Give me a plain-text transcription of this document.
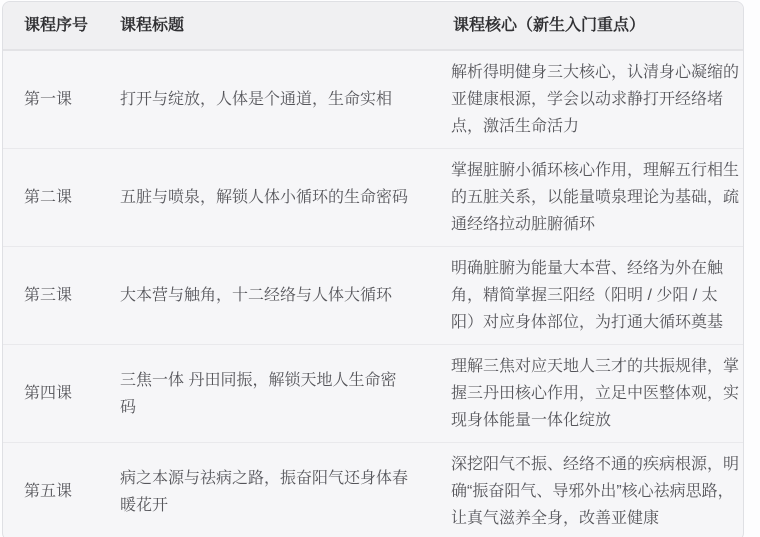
课程序号	课程标题	课程核心（新生入门重点）
第一课	打开与绽放，人体是个通道，生命实相	解析得明健身三大核心，认清身心凝缩的亚健康根源，学会以动求静打开经络堵点，激活生命活力
第二课	五脏与喷泉，解锁人体小循环的生命密码	掌握脏腑小循环核心作用，理解五行相生的五脏关系，以能量喷泉理论为基础，疏通经络拉动脏腑循环
第三课	大本营与触角，十二经络与人体大循环	明确脏腑为能量大本营、经络为外在触角，精简掌握三阳经（阳明 / 少阳 / 太阳）对应身体部位，为打通大循环奠基
第四课	三焦一体 丹田同振，解锁天地人生命密码	理解三焦对应天地人三才的共振规律，掌握三丹田核心作用，立足中医整体观，实现身体能量一体化绽放
第五课	病之本源与祛病之路，振奋阳气还身体春暖花开	深挖阳气不振、经络不通的疾病根源，明确“振奋阳气、导邪外出”核心祛病思路，让真气滋养全身，改善亚健康
